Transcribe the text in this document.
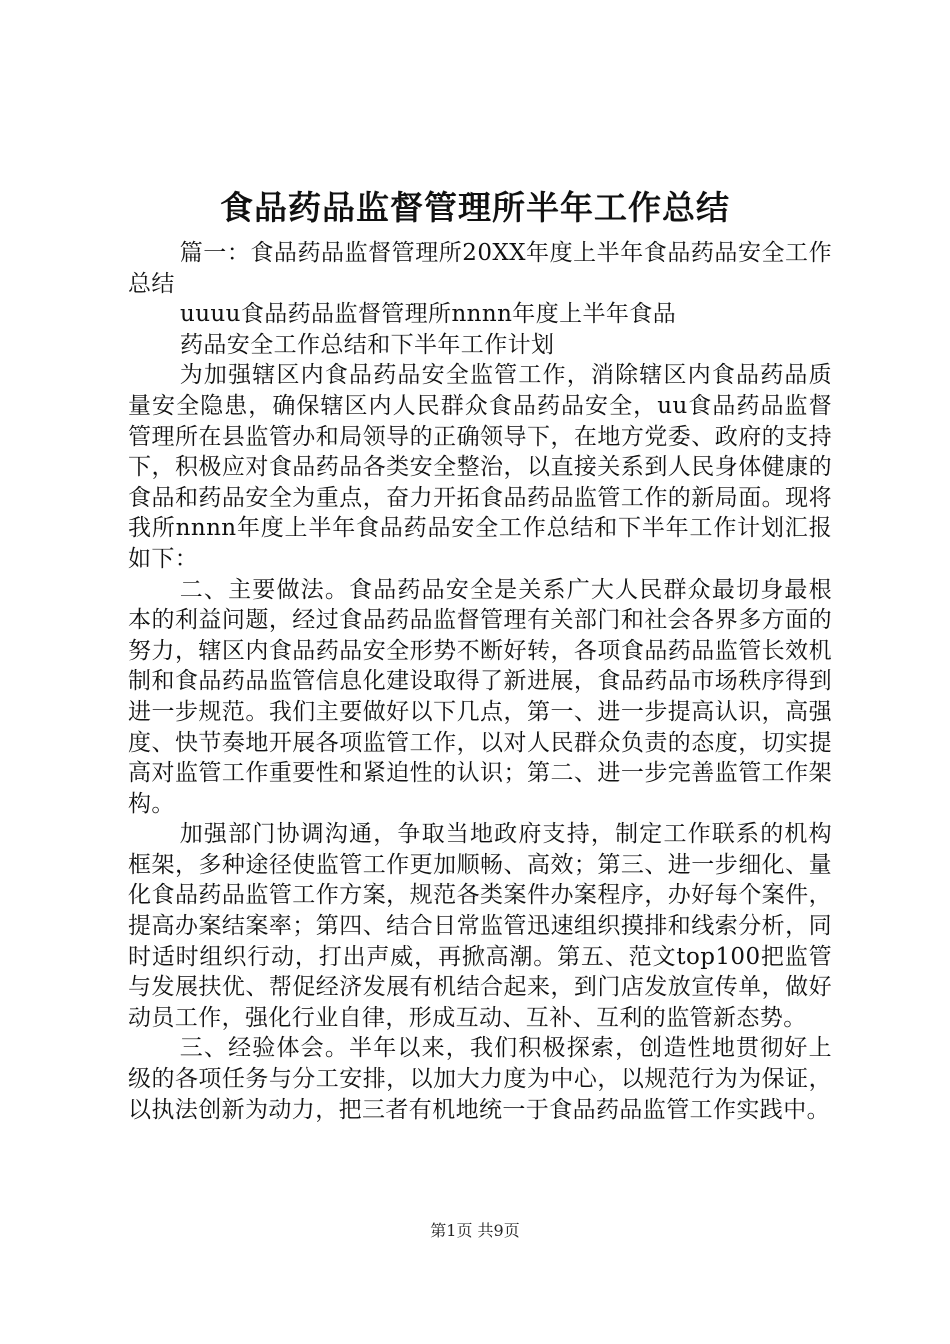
食品药品监督管理所半年工作总结

篇一：食品药品监督管理所20XX年度上半年食品药品安全工作总结

uuuu食品药品监督管理所nnnn年度上半年食品

药品安全工作总结和下半年工作计划

为加强辖区内食品药品安全监管工作，消除辖区内食品药品质量安全隐患，确保辖区内人民群众食品药品安全，uu食品药品监督管理所在县监管办和局领导的正确领导下，在地方党委、政府的支持下，积极应对食品药品各类安全整治，以直接关系到人民身体健康的食品和药品安全为重点，奋力开拓食品药品监管工作的新局面。现将我所nnnn年度上半年食品药品安全工作总结和下半年工作计划汇报如下：

二、主要做法。食品药品安全是关系广大人民群众最切身最根本的利益问题，经过食品药品监督管理有关部门和社会各界多方面的努力，辖区内食品药品安全形势不断好转，各项食品药品监管长效机制和食品药品监管信息化建设取得了新进展，食品药品市场秩序得到进一步规范。我们主要做好以下几点，第一、进一步提高认识，高强度、快节奏地开展各项监管工作，以对人民群众负责的态度，切实提高对监管工作重要性和紧迫性的认识；第二、进一步完善监管工作架构。

加强部门协调沟通，争取当地政府支持，制定工作联系的机构框架，多种途径使监管工作更加顺畅、高效；第三、进一步细化、量化食品药品监管工作方案，规范各类案件办案程序，办好每个案件，提高办案结案率；第四、结合日常监管迅速组织摸排和线索分析，同时适时组织行动，打出声威，再掀高潮。第五、范文top100把监管与发展扶优、帮促经济发展有机结合起来，到门店发放宣传单，做好动员工作，强化行业自律，形成互动、互补、互利的监管新态势。

三、经验体会。半年以来，我们积极探索，创造性地贯彻好上级的各项任务与分工安排，以加大力度为中心，以规范行为为保证，以执法创新为动力，把三者有机地统一于食品药品监管工作实践中。

第1页 共9页
